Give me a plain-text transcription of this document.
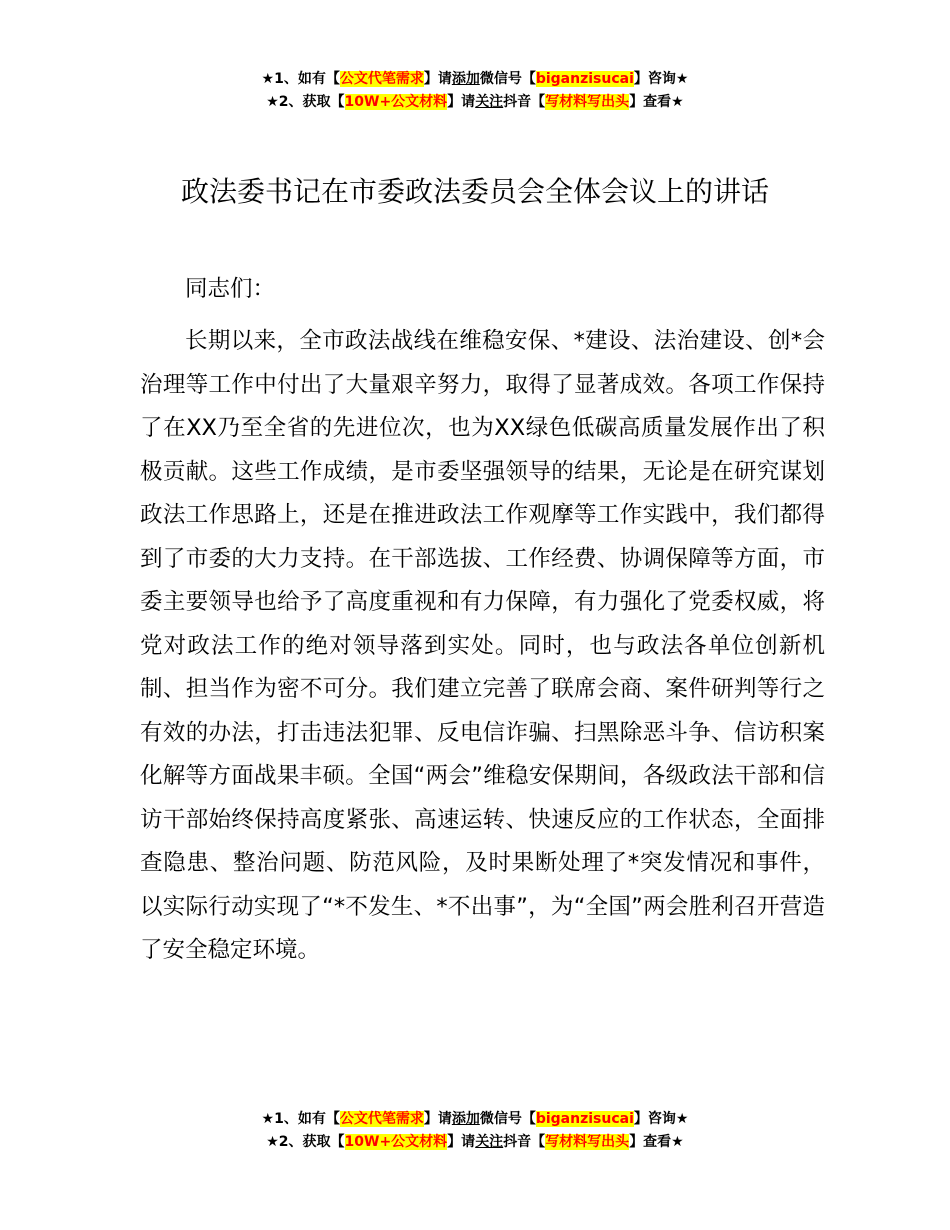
★1、如有【公文代笔需求】请添加微信号【biganzisucai】咨询★
★2、获取【10W+公文材料】请关注抖音【写材料写出头】查看★
政法委书记在市委政法委员会全体会议上的讲话
同志们：
长期以来，全市政法战线在维稳安保、*建设、法治建设、创*会治理等工作中付出了大量艰辛努力，取得了显著成效。各项工作保持了在XX乃至全省的先进位次，也为XX绿色低碳高质量发展作出了积极贡献。这些工作成绩，是市委坚强领导的结果，无论是在研究谋划政法工作思路上，还是在推进政法工作观摩等工作实践中，我们都得到了市委的大力支持。在干部选拔、工作经费、协调保障等方面，市委主要领导也给予了高度重视和有力保障，有力强化了党委权威，将党对政法工作的绝对领导落到实处。同时，也与政法各单位创新机制、担当作为密不可分。我们建立完善了联席会商、案件研判等行之有效的办法，打击违法犯罪、反电信诈骗、扫黑除恶斗争、信访积案化解等方面战果丰硕。全国“两会”维稳安保期间，各级政法干部和信访干部始终保持高度紧张、高速运转、快速反应的工作状态，全面排查隐患、整治问题、防范风险，及时果断处理了*突发情况和事件，以实际行动实现了“*不发生、*不出事”，为“全国”两会胜利召开营造了安全稳定环境。
★1、如有【公文代笔需求】请添加微信号【biganzisucai】咨询★
★2、获取【10W+公文材料】请关注抖音【写材料写出头】查看★
